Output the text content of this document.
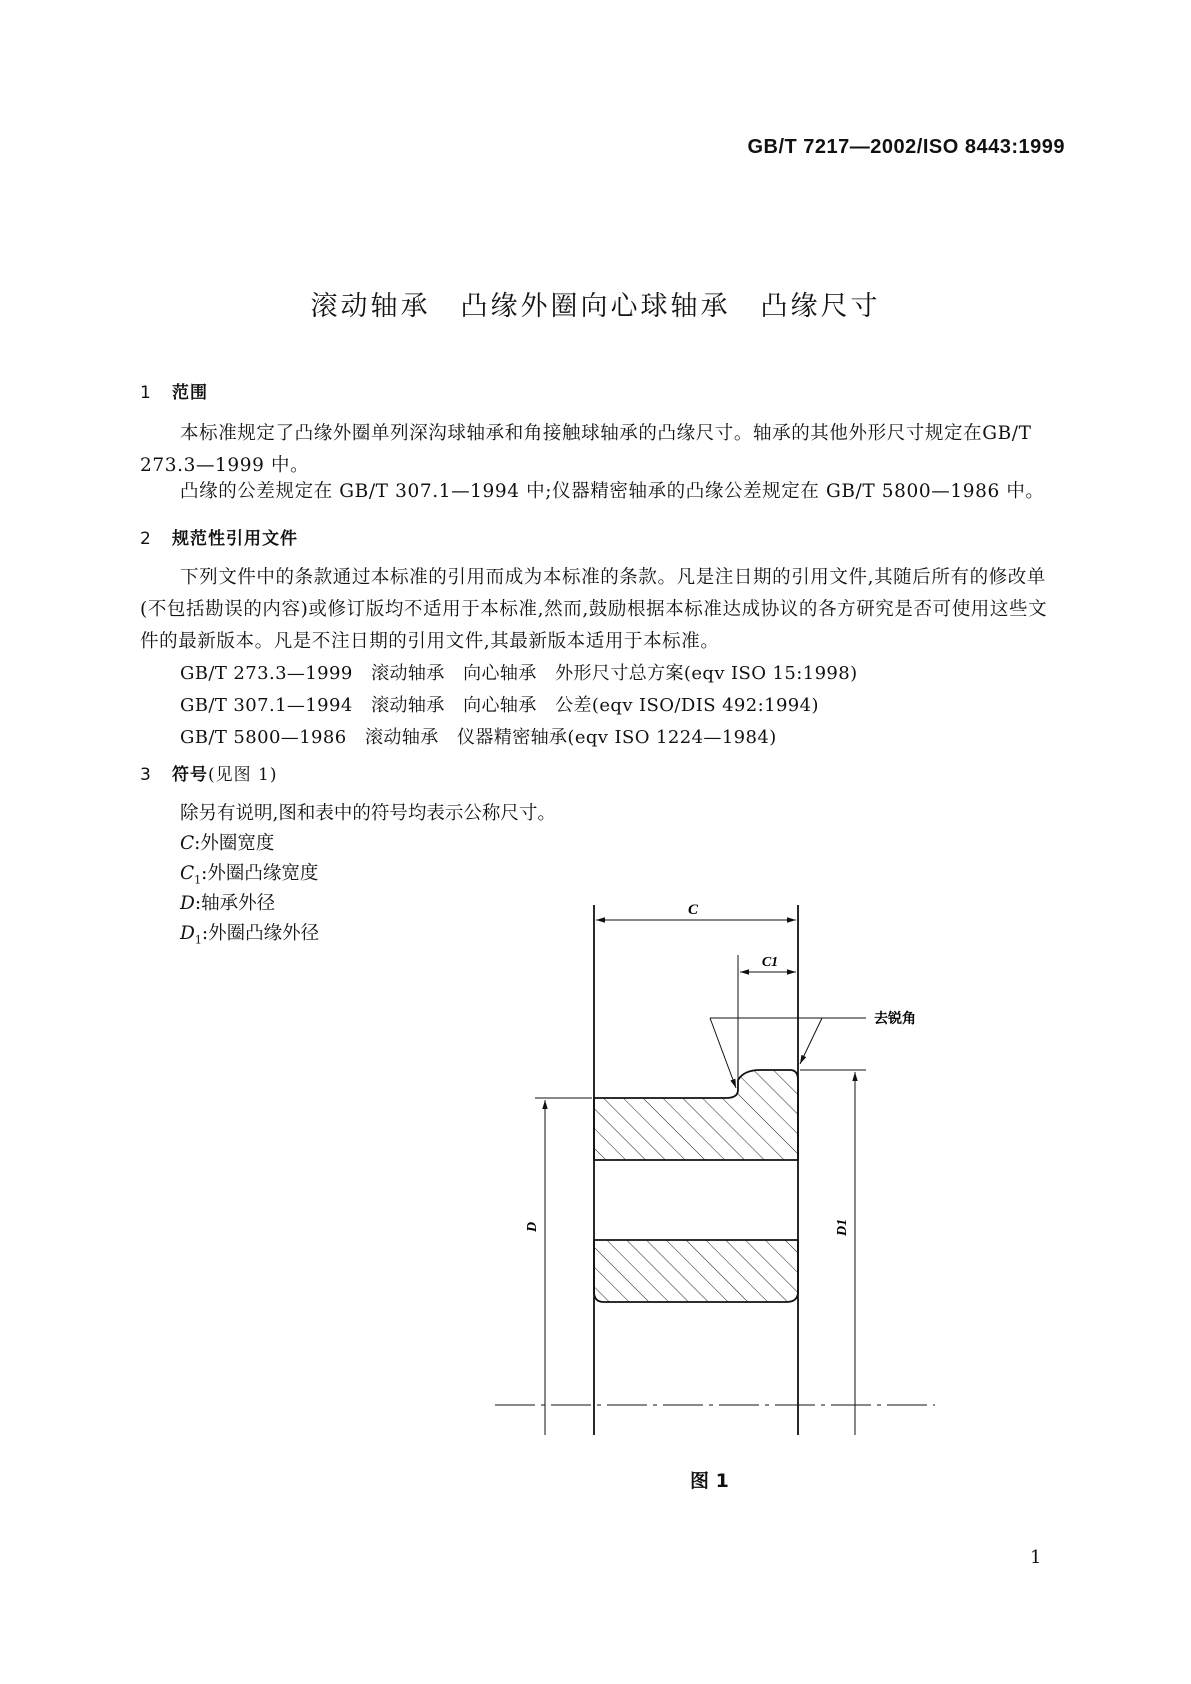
GB/T 7217—2002/ISO 8443:1999
滚动轴承　凸缘外圈向心球轴承　凸缘尺寸
1 范围
本标准规定了凸缘外圈单列深沟球轴承和角接触球轴承的凸缘尺寸。轴承的其他外形尺寸规定在GB/T 273.3—1999 中。
凸缘的公差规定在 GB/T 307.1—1994 中;仪器精密轴承的凸缘公差规定在 GB/T 5800—1986 中。
2 规范性引用文件
下列文件中的条款通过本标准的引用而成为本标准的条款。凡是注日期的引用文件,其随后所有的修改单(不包括勘误的内容)或修订版均不适用于本标准,然而,鼓励根据本标准达成协议的各方研究是否可使用这些文件的最新版本。凡是不注日期的引用文件,其最新版本适用于本标准。
GB/T 273.3—1999　滚动轴承　向心轴承　外形尺寸总方案(eqv ISO 15:1998)
GB/T 307.1—1994　滚动轴承　向心轴承　公差(eqv ISO/DIS 492:1994)
GB/T 5800—1986　滚动轴承　仪器精密轴承(eqv ISO 1224—1984)
3 符号(见图 1)
除另有说明,图和表中的符号均表示公称尺寸。
C:外圈宽度
$C_1$:外圈凸缘宽度
D:轴承外径
$D_1$:外圈凸缘外径
C
C1
去锐角
D	D1
图 1
1
